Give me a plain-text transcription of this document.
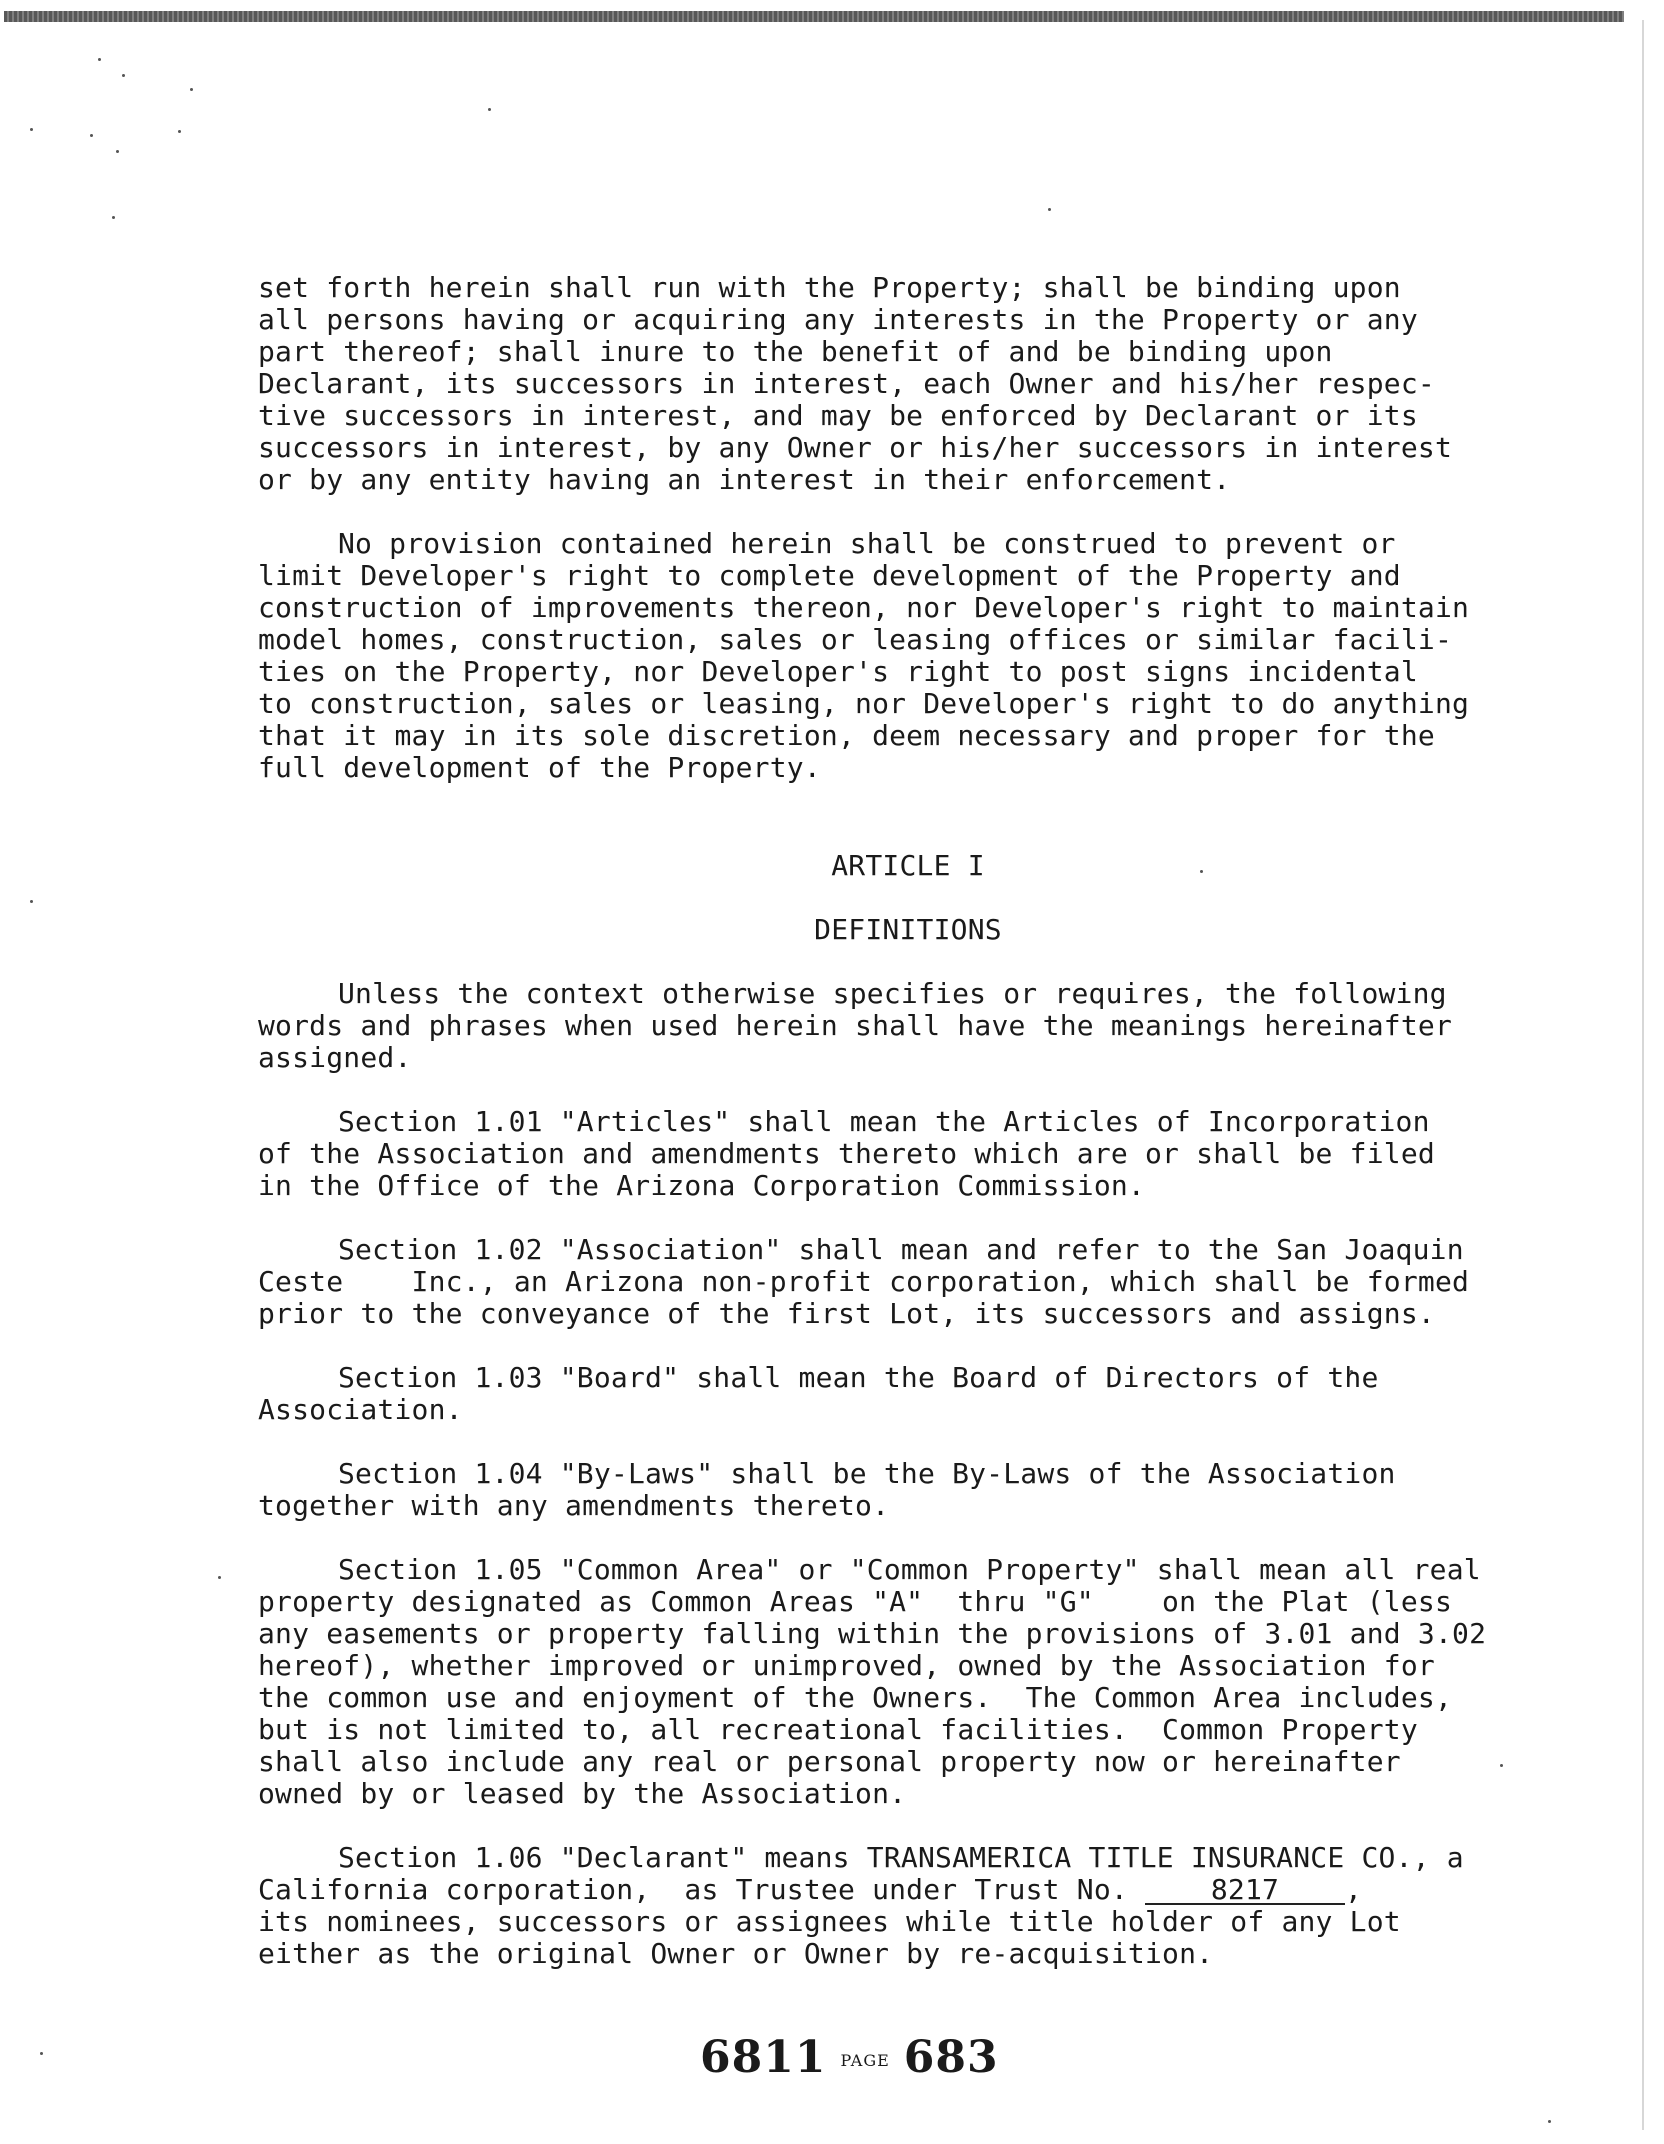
set forth herein shall run with the Property; shall be binding upon
all persons having or acquiring any interests in the Property or any
part thereof; shall inure to the benefit of and be binding upon
Declarant, its successors in interest, each Owner and his/her respec-
tive successors in interest, and may be enforced by Declarant or its
successors in interest, by any Owner or his/her successors in interest
or by any entity having an interest in their enforcement.
No provision contained herein shall be construed to prevent or
limit Developer's right to complete development of the Property and
construction of improvements thereon, nor Developer's right to maintain
model homes, construction, sales or leasing offices or similar facili-
ties on the Property, nor Developer's right to post signs incidental
to construction, sales or leasing, nor Developer's right to do anything
that it may in its sole discretion, deem necessary and proper for the
full development of the Property.
ARTICLE I
DEFINITIONS
Unless the context otherwise specifies or requires, the following
words and phrases when used herein shall have the meanings hereinafter
assigned.
Section 1.01 "Articles" shall mean the Articles of Incorporation
of the Association and amendments thereto which are or shall be filed
in the Office of the Arizona Corporation Commission.
Section 1.02 "Association" shall mean and refer to the San Joaquin
Ceste    Inc., an Arizona non-profit corporation, which shall be formed
prior to the conveyance of the first Lot, its successors and assigns.
Section 1.03 "Board" shall mean the Board of Directors of the
Association.
Section 1.04 "By-Laws" shall be the By-Laws of the Association
together with any amendments thereto.
Section 1.05 "Common Area" or "Common Property" shall mean all real
property designated as Common Areas "A"  thru "G"    on the Plat (less
any easements or property falling within the provisions of 3.01 and 3.02
hereof), whether improved or unimproved, owned by the Association for
the common use and enjoyment of the Owners.  The Common Area includes,
but is not limited to, all recreational facilities.  Common Property
shall also include any real or personal property now or hereinafter
owned by or leased by the Association.
Section 1.06 "Declarant" means TRANSAMERICA TITLE INSURANCE CO., a
California corporation,  as Trustee under Trust No. 8217 ,
its nominees, successors or assignees while title holder of any Lot
either as the original Owner or Owner by re-acquisition.
6811 PAGE 683
